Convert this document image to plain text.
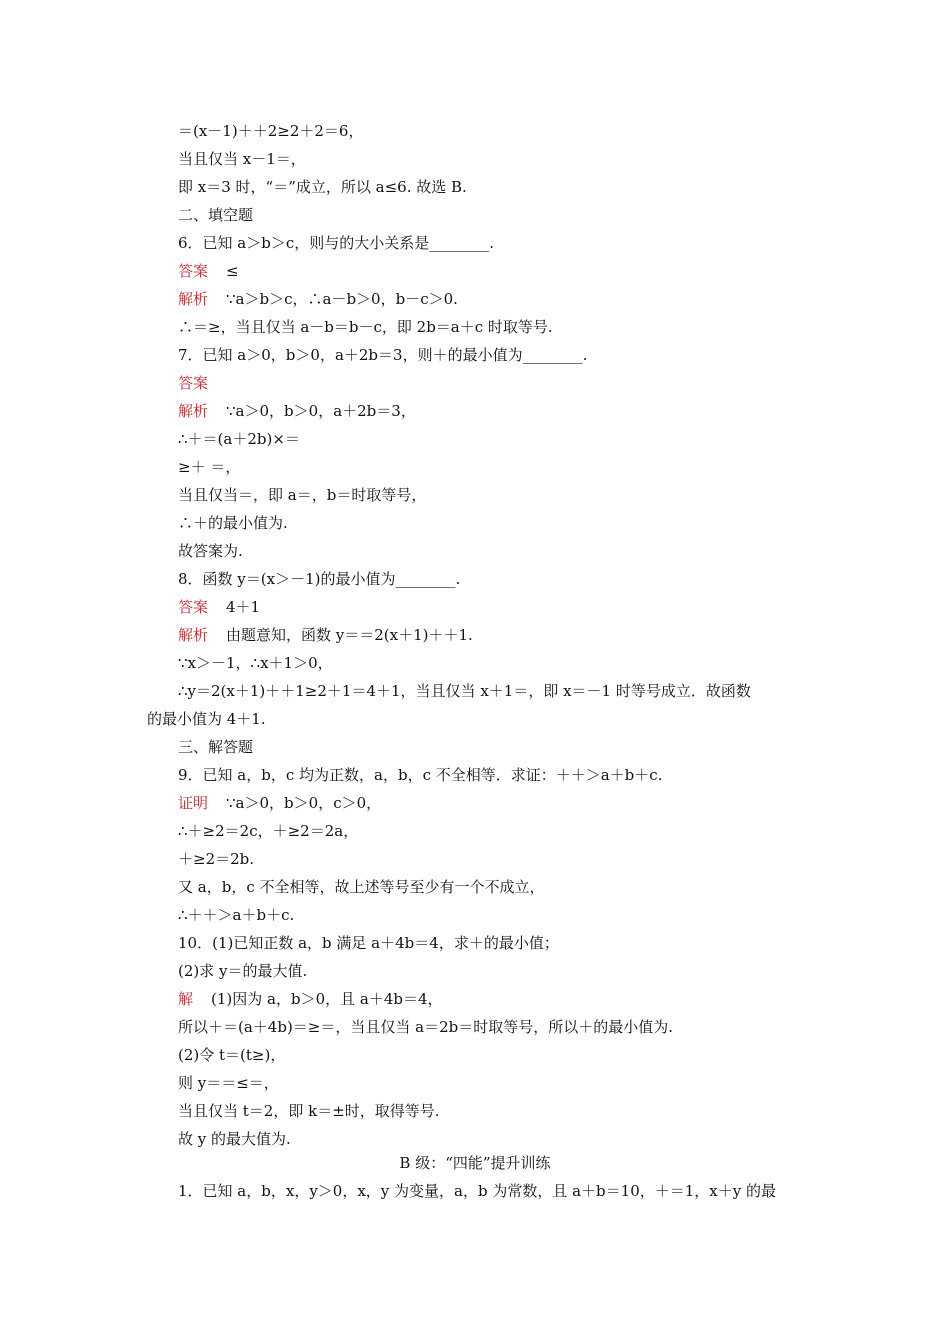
＝(x－1)＋＋2≥2＋2＝6，
当且仅当 x－1＝，
即 x＝3 时，“＝”成立，所以 a≤6. 故选 B.
二、填空题
6．已知 a＞b＞c，则与的大小关系是________.
答案 ≤
解析 ∵a＞b＞c，∴a－b＞0，b－c＞0.
∴＝≥，当且仅当 a－b＝b－c，即 2b＝a＋c 时取等号.
7．已知 a＞0，b＞0，a＋2b＝3，则＋的最小值为________.
答案
解析 ∵a＞0，b＞0，a＋2b＝3，
∴＋＝(a＋2b)×＝
≥＋ ＝，
当且仅当＝，即 a＝，b＝时取等号，
∴＋的最小值为.
故答案为.
8．函数 y＝(x＞－1)的最小值为________.
答案 4＋1
解析 由题意知，函数 y＝＝2(x＋1)＋＋1.
∵x＞－1，∴x＋1＞0，
∴y＝2(x＋1)＋＋1≥2＋1＝4＋1，当且仅当 x＋1＝，即 x＝－1 时等号成立．故函数
的最小值为 4＋1.
三、解答题
9．已知 a，b，c 均为正数，a，b，c 不全相等．求证：＋＋＞a＋b＋c.
证明 ∵a＞0，b＞0，c＞0，
∴＋≥2＝2c，＋≥2＝2a，
＋≥2＝2b.
又 a，b，c 不全相等，故上述等号至少有一个不成立，
∴＋＋＞a＋b＋c.
10．(1)已知正数 a，b 满足 a＋4b＝4，求＋的最小值；
(2)求 y＝的最大值.
解 (1)因为 a，b＞0，且 a＋4b＝4，
所以＋＝(a＋4b)＝≥＝，当且仅当 a＝2b＝时取等号，所以＋的最小值为.
(2)令 t＝(t≥)，
则 y＝＝≤＝，
当且仅当 t＝2，即 k＝±时，取得等号.
故 y 的最大值为.
B 级：“四能”提升训练
1．已知 a，b，x，y＞0，x，y 为变量，a，b 为常数，且 a＋b＝10，＋＝1，x＋y 的最
